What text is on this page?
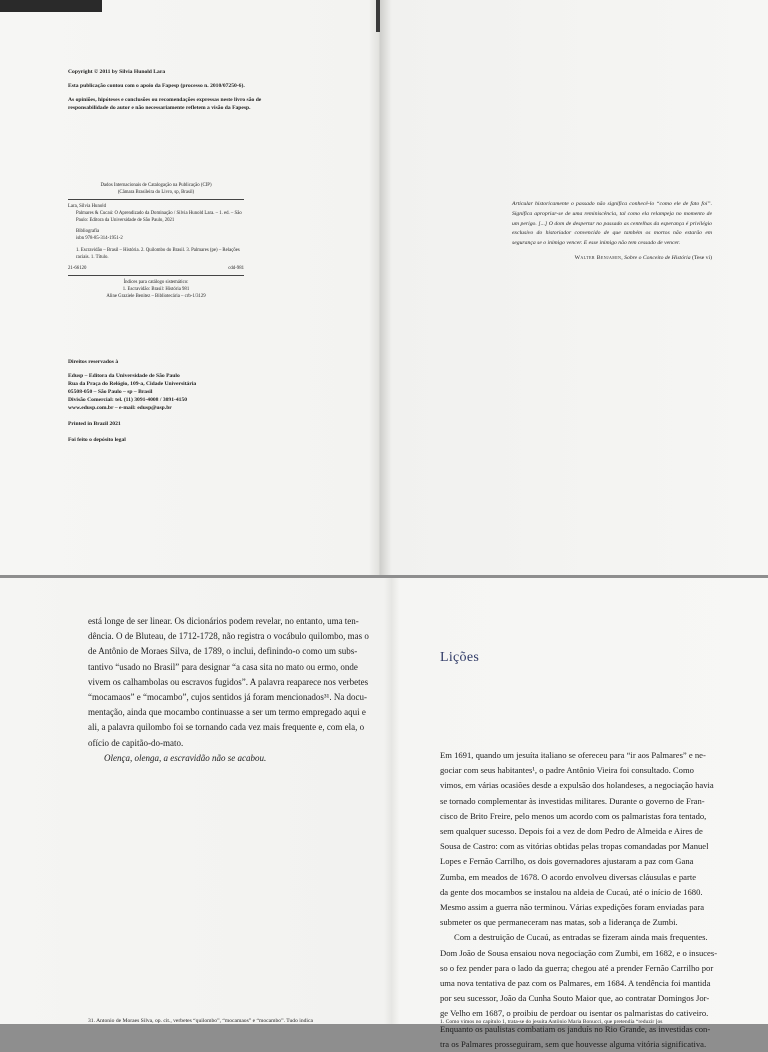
Copyright © 2011 by Silvia Hunold Lara

Esta publicação contou com o apoio da Fapesp (processo n. 2010/07250-6).

As opiniões, hipóteses e conclusões ou recomendações expressas neste livro são de responsabilidade do autor e não necessariamente refletem a visão da Fapesp.

Dados Internacionais de Catalogação na Publicação (CIP)

(Câmara Brasileira do Livro, sp, Brasil)

Lara, Silvia Hunold

Palmares & Cucaú: O Aprendizado da Dominação / Silvia Hunold Lara. – 1. ed. – São Paulo: Editora da Universidade de São Paulo, 2021

Bibliografia

isbn 978-85-314-1951-2

1. Escravidão – Brasil – História. 2. Quilombo do Brasil. 3. Palmares (pe) – Relações raciais. 1. Título.

21-66120	cdd-981

Índices para catálogo sistemático:

1. Escravidão: Brasil: História 981

Aline Graziele Benitez – Bibliotecária – crb-1/3129

Direitos reservados à

Edusp – Editora da Universidade de São Paulo

Rua da Praça do Relógio, 109-a, Cidade Universitária

05508-050 – São Paulo – sp – Brasil

Divisão Comercial: tel. (11) 3091-4008 / 3091-4150

www.edusp.com.br – e-mail: edusp@usp.br

Printed in Brazil 2021

Foi feito o depósito legal

Articular historicamente o passado não significa conhecê-lo “como ele de fato foi”. Significa apropriar-se de uma reminiscência, tal como ela relampeja no momento de um perigo. [...] O dom de despertar no passado as centelhas da esperança é privilégio exclusivo do historiador convencido de que também os mortos não estarão em segurança se o inimigo vencer. E esse inimigo não tem cessado de vencer.

Walter Benjamin, Sobre o Conceito de História (Tese vi)

está longe de ser linear. Os dicionários podem revelar, no entanto, uma ten-
dência. O de Bluteau, de 1712-1728, não registra o vocábulo quilombo, mas o
de Antônio de Moraes Silva, de 1789, o inclui, definindo-o como um subs-
tantivo “usado no Brasil” para designar “a casa sita no mato ou ermo, onde
vivem os calhambolas ou escravos fugidos”. A palavra reaparece nos verbetes
“mocamaos” e “mocambo”, cujos sentidos já foram mencionados³¹. Na docu-
mentação, ainda que mocambo continuasse a ser um termo empregado aqui e
ali, a palavra quilombo foi se tornando cada vez mais frequente e, com ela, o
ofício de capitão-do-mato.

Olença, olenga, a escravidão não se acabou.

31. Antonio de Moraes Silva, op. cit., verbetes “quilombo”, “mocamaos” e “mocambo”. Tudo indica

Lições

Em 1691, quando um jesuíta italiano se ofereceu para “ir aos Palmares” e ne-
gociar com seus habitantes¹, o padre Antônio Vieira foi consultado. Como
vimos, em várias ocasiões desde a expulsão dos holandeses, a negociação havia
se tornado complementar às investidas militares. Durante o governo de Fran-
cisco de Brito Freire, pelo menos um acordo com os palmaristas fora tentado,
sem qualquer sucesso. Depois foi a vez de dom Pedro de Almeida e Aires de
Sousa de Castro: com as vitórias obtidas pelas tropas comandadas por Manuel
Lopes e Fernão Carrilho, os dois governadores ajustaram a paz com Gana
Zumba, em meados de 1678. O acordo envolveu diversas cláusulas e parte
da gente dos mocambos se instalou na aldeia de Cucaú, até o início de 1680.
Mesmo assim a guerra não terminou. Várias expedições foram enviadas para
submeter os que permaneceram nas matas, sob a liderança de Zumbi.
Com a destruição de Cucaú, as entradas se fizeram ainda mais frequentes.
Dom João de Sousa ensaiou nova negociação com Zumbi, em 1682, e o insuces-
so o fez pender para o lado da guerra; chegou até a prender Fernão Carrilho por
uma nova tentativa de paz com os Palmares, em 1684. A tendência foi mantida
por seu sucessor, João da Cunha Souto Maior que, ao contratar Domingos Jor-
ge Velho em 1687, o proibiu de perdoar ou isentar os palmaristas do cativeiro.
Enquanto os paulistas combatiam os janduís no Rio Grande, as investidas con-
tra os Palmares prosseguiram, sem que houvesse alguma vitória significativa.

1. Como vimos no capítulo 1, trata-se do jesuíta Antônio Maria Bonucci, que pretendia “reduzir [os
